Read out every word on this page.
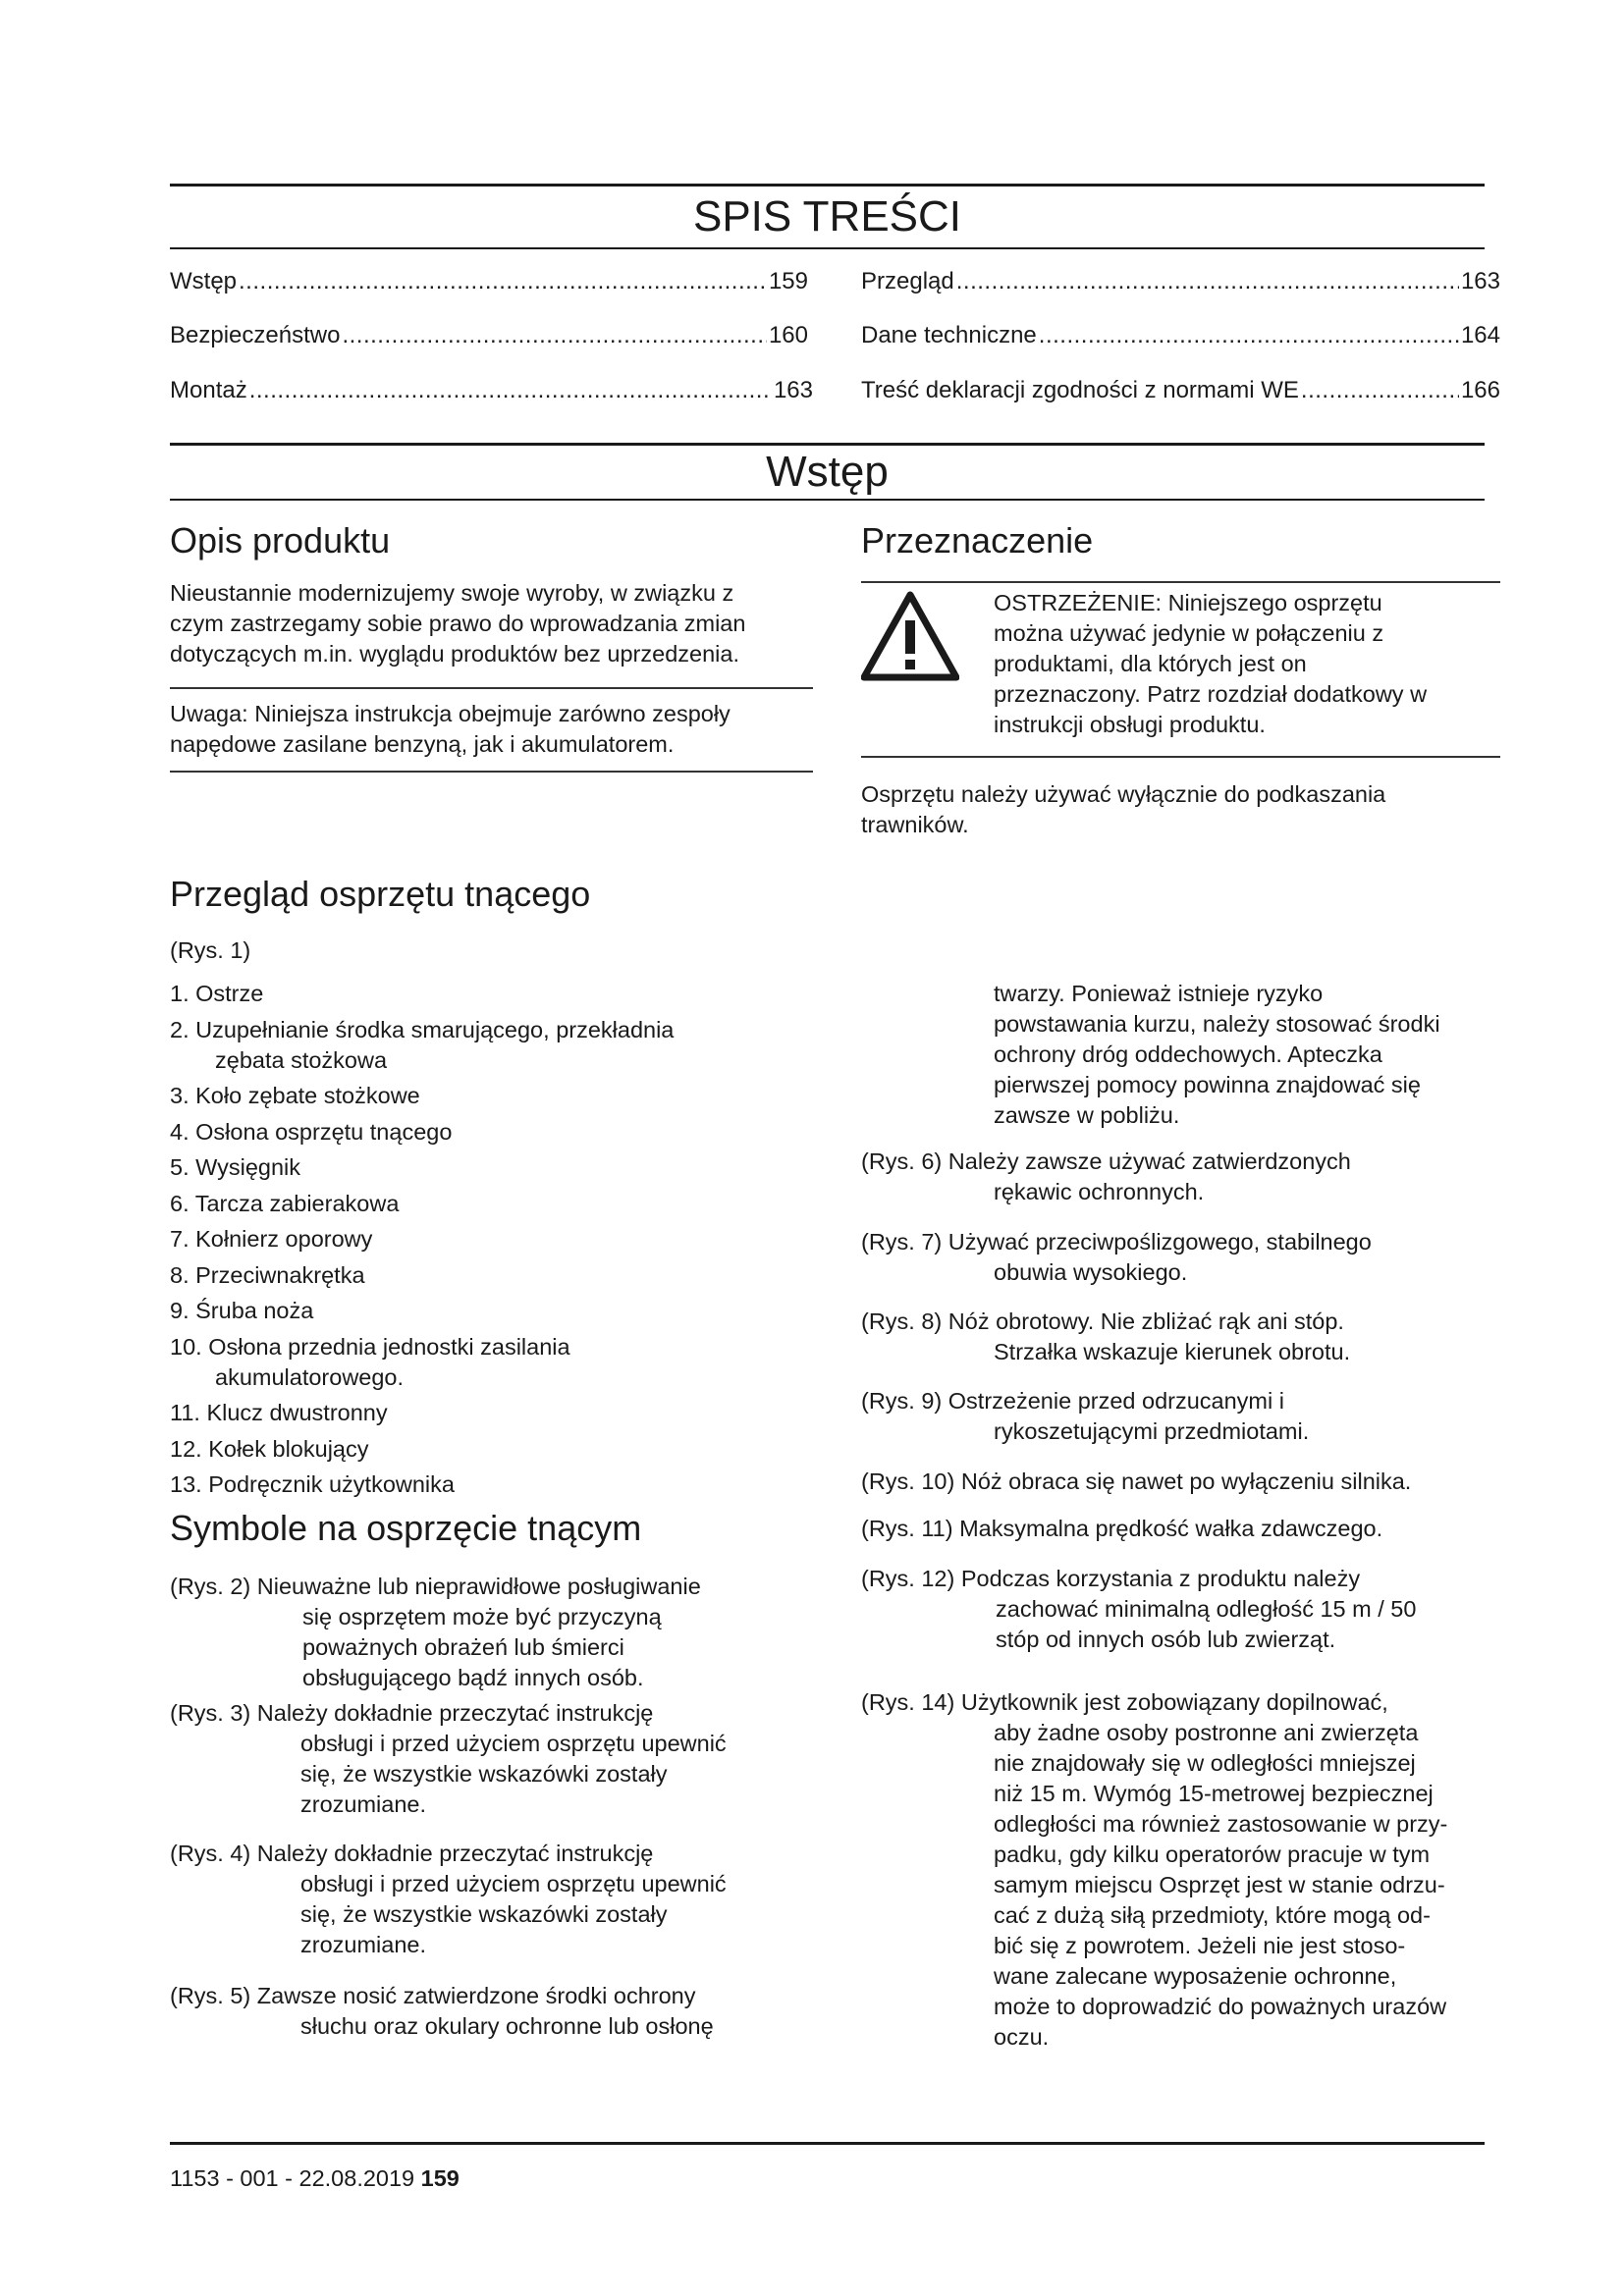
SPIS TREŚCI
Wstęp .....	159
Bezpieczeństwo .....	160
Montaż .....	163
Przegląd .....	163
Dane techniczne .....	164
Treść deklaracji zgodności z normami WE .....	166
Wstęp
Opis produktu
Nieustannie modernizujemy swoje wyroby, w związku z
czym zastrzegamy sobie prawo do wprowadzania zmian
dotyczących m.in. wyglądu produktów bez uprzedzenia.
Uwaga: Niniejsza instrukcja obejmuje zarówno zespoły
napędowe zasilane benzyną, jak i akumulatorem.
Przeznaczenie
OSTRZEŻENIE: Niniejszego osprzętu
można używać jedynie w połączeniu z
produktami, dla których jest on
przeznaczony. Patrz rozdział dodatkowy w
instrukcji obsługi produktu.
Osprzętu należy używać wyłącznie do podkaszania
trawników.
Przegląd osprzętu tnącego
(Rys. 1)
1. Ostrze
2. Uzupełnianie środka smarującego, przekładnia
zębata stożkowa
3. Koło zębate stożkowe
4. Osłona osprzętu tnącego
5. Wysięgnik
6. Tarcza zabierakowa
7. Kołnierz oporowy
8. Przeciwnakrętka
9. Śruba noża
10. Osłona przednia jednostki zasilania
akumulatorowego.
11. Klucz dwustronny
12. Kołek blokujący
13. Podręcznik użytkownika
Symbole na osprzęcie tnącym
(Rys. 2) Nieuważne lub nieprawidłowe posługiwanie
się osprzętem może być przyczyną
poważnych obrażeń lub śmierci
obsługującego bądź innych osób.
(Rys. 3) Należy dokładnie przeczytać instrukcję
obsługi i przed użyciem osprzętu upewnić
się, że wszystkie wskazówki zostały
zrozumiane.
(Rys. 4) Należy dokładnie przeczytać instrukcję
obsługi i przed użyciem osprzętu upewnić
się, że wszystkie wskazówki zostały
zrozumiane.
(Rys. 5) Zawsze nosić zatwierdzone środki ochrony
słuchu oraz okulary ochronne lub osłonę
twarzy. Ponieważ istnieje ryzyko
powstawania kurzu, należy stosować środki
ochrony dróg oddechowych. Apteczka
pierwszej pomocy powinna znajdować się
zawsze w pobliżu.
(Rys. 6) Należy zawsze używać zatwierdzonych
rękawic ochronnych.
(Rys. 7) Używać przeciwpoślizgowego, stabilnego
obuwia wysokiego.
(Rys. 8) Nóż obrotowy. Nie zbliżać rąk ani stóp.
Strzałka wskazuje kierunek obrotu.
(Rys. 9) Ostrzeżenie przed odrzucanymi i
rykoszetującymi przedmiotami.
(Rys. 10) Nóż obraca się nawet po wyłączeniu silnika.
(Rys. 11) Maksymalna prędkość wałka zdawczego.
(Rys. 12) Podczas korzystania z produktu należy
zachować minimalną odległość 15 m / 50
stóp od innych osób lub zwierząt.
(Rys. 14) Użytkownik jest zobowiązany dopilnować,
aby żadne osoby postronne ani zwierzęta
nie znajdowały się w odległości mniejszej
niż 15 m. Wymóg 15-metrowej bezpiecznej
odległości ma również zastosowanie w przy-
padku, gdy kilku operatorów pracuje w tym
samym miejscu Osprzęt jest w stanie odrzu-
cać z dużą siłą przedmioty, które mogą od-
bić się z powrotem. Jeżeli nie jest stoso-
wane zalecane wyposażenie ochronne,
może to doprowadzić do poważnych urazów
oczu.
1153 - 001 - 22.08.2019 159
